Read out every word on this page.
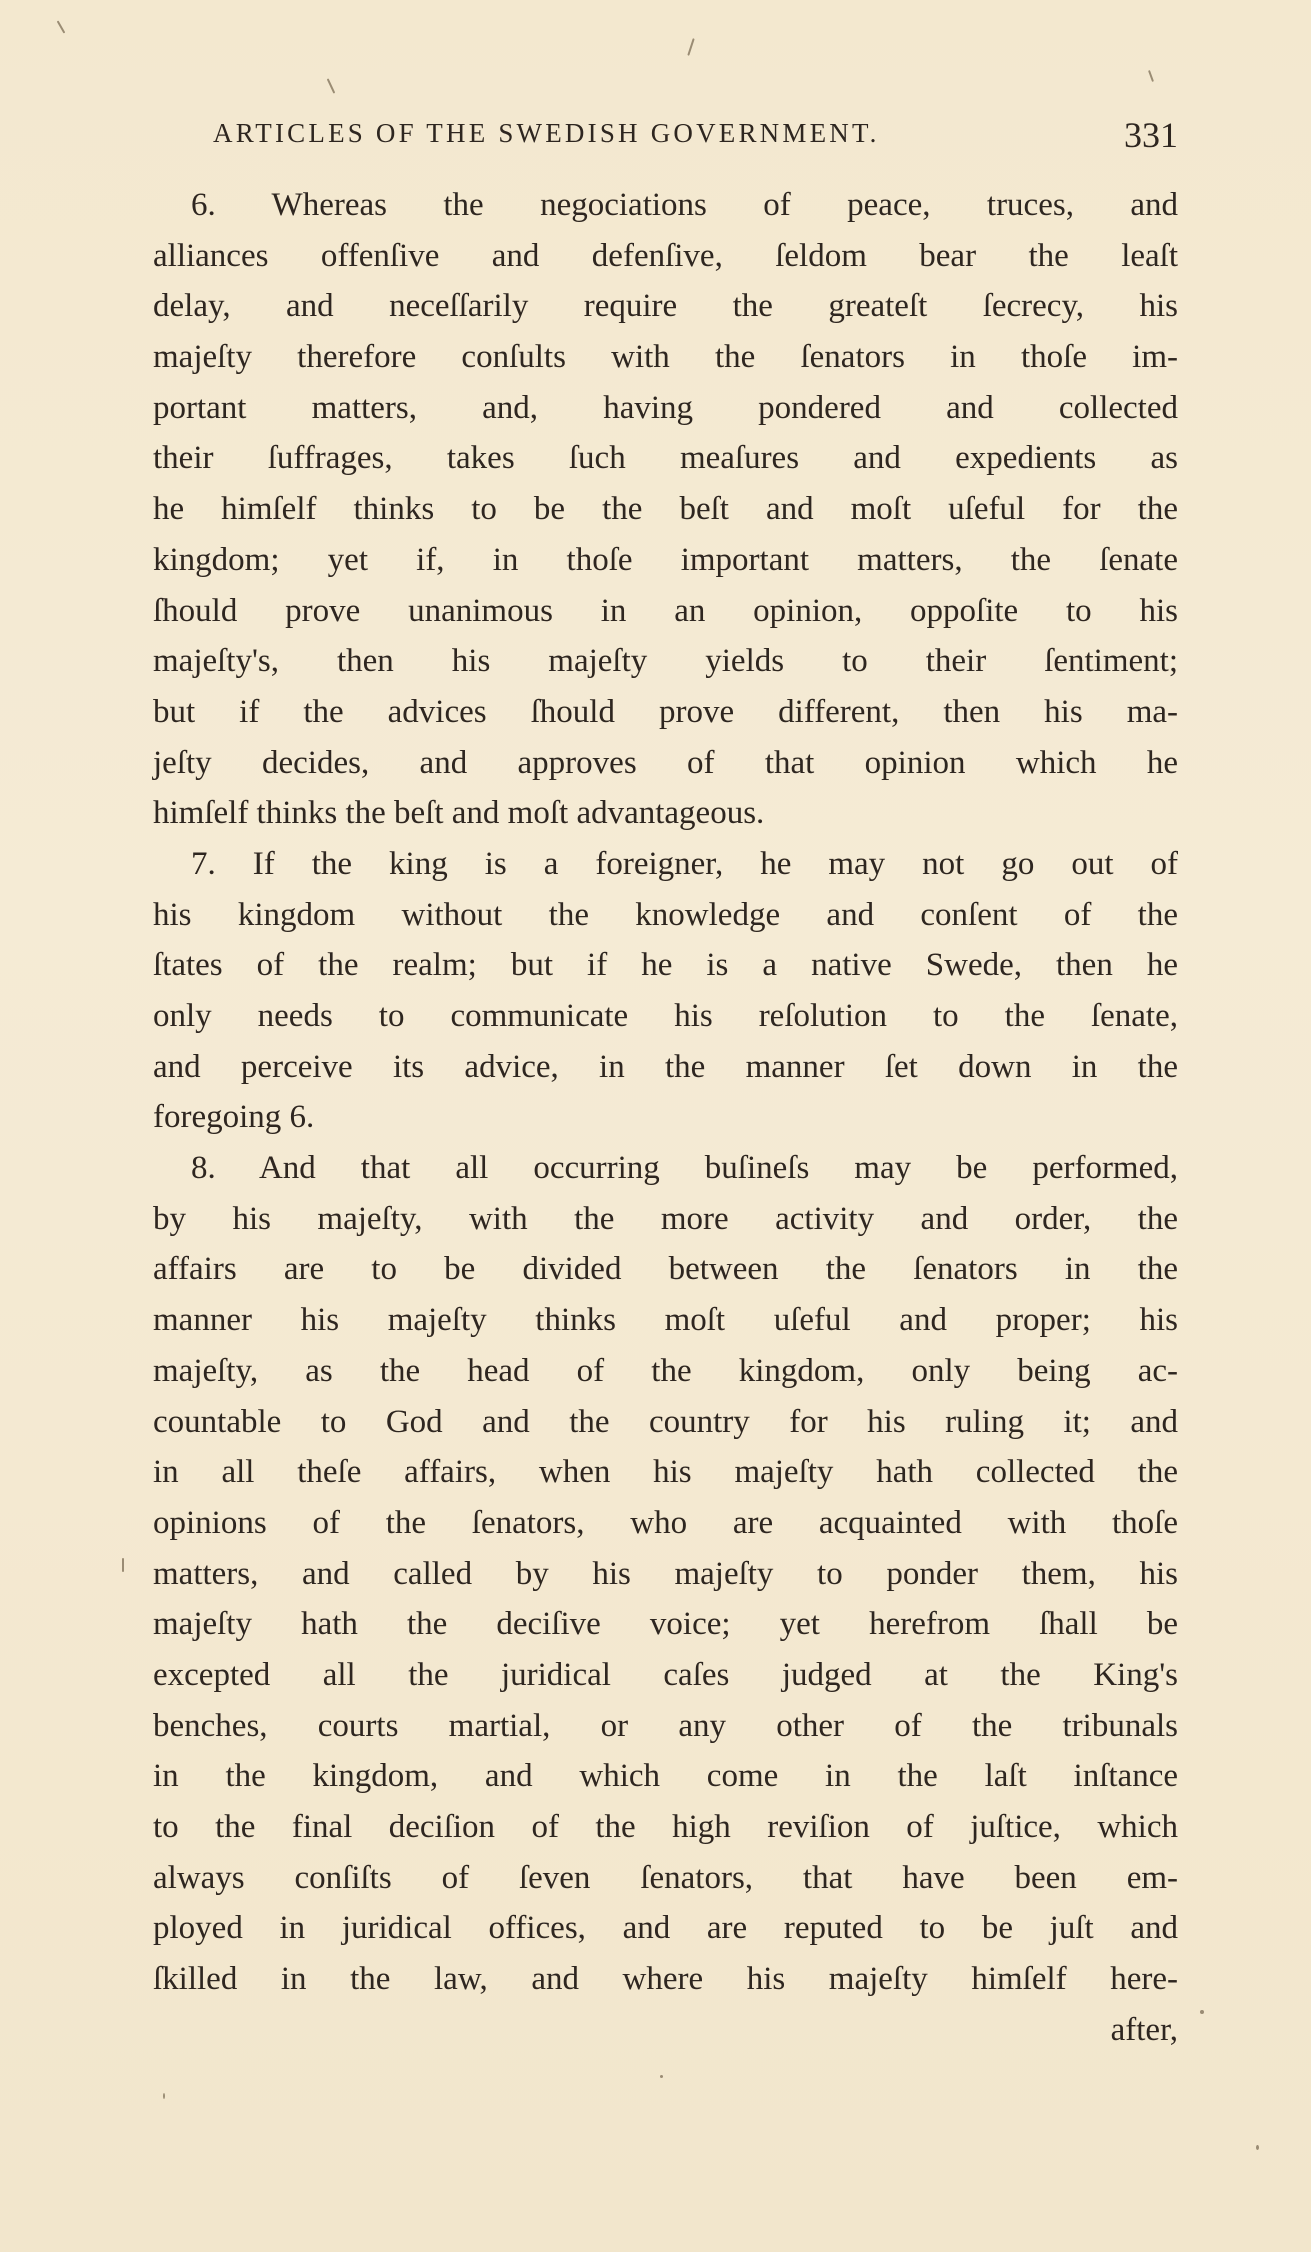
ARTICLES OF THE SWEDISH GOVERNMENT.	331
6. Whereas the negociations of peace, truces, and
alliances offenſive and defenſive, ſeldom bear the leaſt
delay, and neceſſarily require the greateſt ſecrecy, his
majeſty therefore conſults with the ſenators in thoſe im-
portant matters, and, having pondered and collected
their ſuffrages, takes ſuch meaſures and expedients as
he himſelf thinks to be the beſt and moſt uſeful for the
kingdom; yet if, in thoſe important matters, the ſenate
ſhould prove unanimous in an opinion, oppoſite to his
majeſty's, then his majeſty yields to their ſentiment;
but if the advices ſhould prove different, then his ma-
jeſty decides, and approves of that opinion which he
himſelf thinks the beſt and moſt advantageous.
7. If the king is a foreigner, he may not go out of
his kingdom without the knowledge and conſent of the
ſtates of the realm; but if he is a native Swede, then he
only needs to communicate his reſolution to the ſenate,
and perceive its advice, in the manner ſet down in the
foregoing 6.
8. And that all occurring buſineſs may be performed,
by his majeſty, with the more activity and order, the
affairs are to be divided between the ſenators in the
manner his majeſty thinks moſt uſeful and proper; his
majeſty, as the head of the kingdom, only being ac-
countable to God and the country for his ruling it; and
in all theſe affairs, when his majeſty hath collected the
opinions of the ſenators, who are acquainted with thoſe
matters, and called by his majeſty to ponder them, his
majeſty hath the deciſive voice; yet herefrom ſhall be
excepted all the juridical caſes judged at the King's
benches, courts martial, or any other of the tribunals
in the kingdom, and which come in the laſt inſtance
to the final deciſion of the high reviſion of juſtice, which
always conſiſts of ſeven ſenators, that have been em-
ployed in juridical offices, and are reputed to be juſt and
ſkilled in the law, and where his majeſty himſelf here-
after,
